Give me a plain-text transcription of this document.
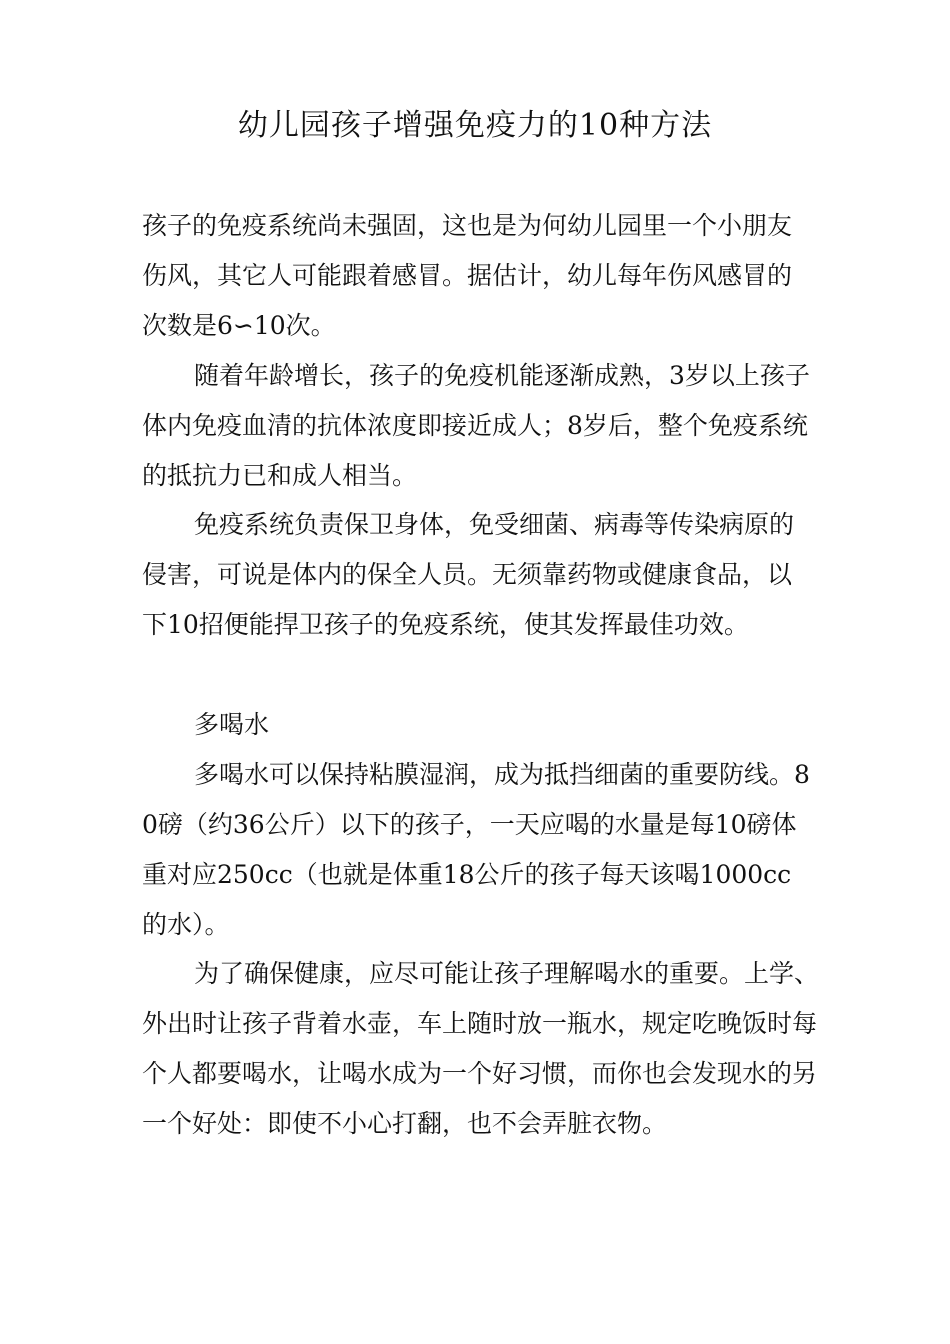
幼儿园孩子增强免疫力的10种方法

孩子的免疫系统尚未强固，这也是为何幼儿园里一个小朋友伤风，其它人可能跟着感冒。据估计，幼儿每年伤风感冒的次数是6∽10次。

随着年龄增长，孩子的免疫机能逐渐成熟，3岁以上孩子体内免疫血清的抗体浓度即接近成人；8岁后，整个免疫系统的抵抗力已和成人相当。

免疫系统负责保卫身体，免受细菌、病毒等传染病原的侵害，可说是体内的保全人员。无须靠药物或健康食品，以下10招便能捍卫孩子的免疫系统，使其发挥最佳功效。

多喝水

多喝水可以保持粘膜湿润，成为抵挡细菌的重要防线。80磅（约36公斤）以下的孩子，一天应喝的水量是每10磅体重对应250cc（也就是体重18公斤的孩子每天该喝1000cc的水）。

为了确保健康，应尽可能让孩子理解喝水的重要。上学、外出时让孩子背着水壶，车上随时放一瓶水，规定吃晚饭时每个人都要喝水，让喝水成为一个好习惯，而你也会发现水的另一个好处：即使不小心打翻，也不会弄脏衣物。
